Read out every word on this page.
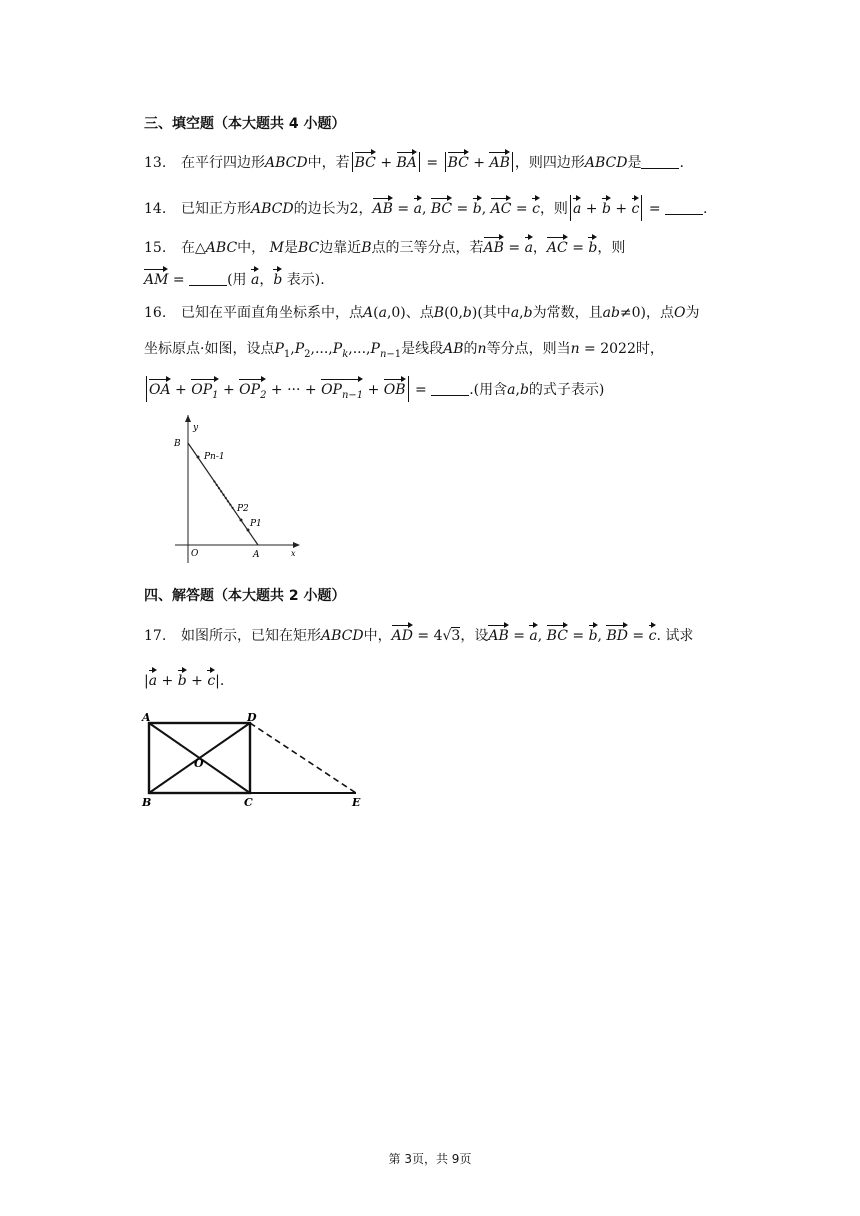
三、填空题（本大题共 4 小题）
13. 在平行四边形ABCD中，若 BC + BA = BC + AB ，则四边形ABCD是	.
14. 已知正方形ABCD的边长为2，AB = a, BC = b, AC = c，则 a + b + c =	.
15. 在△ABC中， M是BC边靠近B点的三等分点，若AB = a，AC = b，则
AM =	(用 a，b 表示).
16. 已知在平面直角坐标系中，点A(a,0)、点B(0,b)(其中a,b为常数，且ab≠0)，点O为
坐标原点·如图，设点$P_1,P_2,...,P_k,...,P_{n-1}$是线段AB的n等分点，则当n = 2022时，
OA + $OP_1 + OP_2$ + ··· + $OP_{n-1}$ + OB =	.(用含a,b的式子表示)
y
B
Pn-1
P2
P1
O	A	x
四、解答题（本大题共 2 小题）
17. 如图所示，已知在矩形ABCD中，AD = 4√3，设AB = a, BC = b, BD = c. 试求
|a + b + c|.
A	D
O
B	C	E
第 3页，共 9页
